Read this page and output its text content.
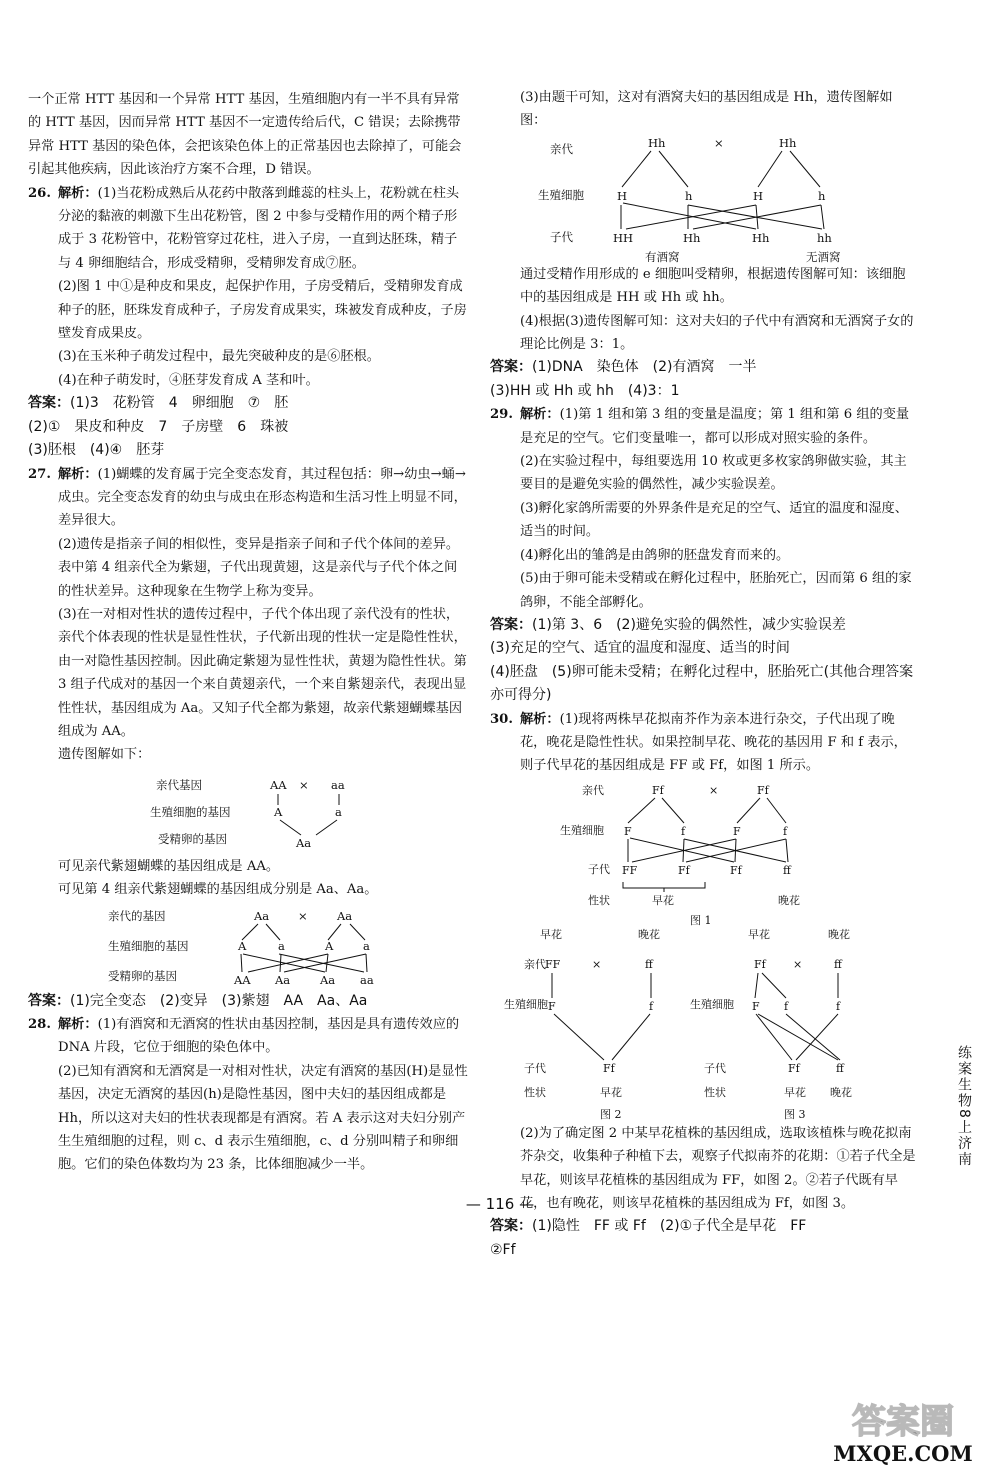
一个正常 HTT 基因和一个异常 HTT 基因，生殖细胞内有一半不具有异常的 HTT 基因，因而异常 HTT 基因不一定遗传给后代，C 错误；去除携带异常 HTT 基因的染色体，会把该染色体上的正常基因也去除掉了，可能会引起其他疾病，因此该治疗方案不合理，D 错误。

26. 解析：(1)当花粉成熟后从花药中散落到雌蕊的柱头上，花粉就在柱头分泌的黏液的刺激下生出花粉管，图 2 中参与受精作用的两个精子形成于 3 花粉管中，花粉管穿过花柱，进入子房，一直到达胚珠，精子与 4 卵细胞结合，形成受精卵，受精卵发育成⑦胚。

(2)图 1 中①是种皮和果皮，起保护作用，子房受精后，受精卵发育成种子的胚，胚珠发育成种子，子房发育成果实，珠被发育成种皮，子房壁发育成果皮。

(3)在玉米种子萌发过程中，最先突破种皮的是⑥胚根。

(4)在种子萌发时，④胚芽发育成 A 茎和叶。

答案：(1)3　花粉管　4　卵细胞　⑦　胚

(2)①　果皮和种皮　7　子房壁　6　珠被

(3)胚根　(4)④　胚芽

27. 解析：(1)蝴蝶的发育属于完全变态发育，其过程包括：卵→幼虫→蛹→成虫。完全变态发育的幼虫与成虫在形态构造和生活习性上明显不同，差异很大。

(2)遗传是指亲子间的相似性，变异是指亲子间和子代个体间的差异。表中第 4 组亲代全为紫翅，子代出现黄翅，这是亲代与子代个体之间的性状差异。这种现象在生物学上称为变异。

(3)在一对相对性状的遗传过程中，子代个体出现了亲代没有的性状，亲代个体表现的性状是显性性状，子代新出现的性状一定是隐性性状，由一对隐性基因控制。因此确定紫翅为显性性状，黄翅为隐性性状。第 3 组子代成对的基因一个来自黄翅亲代，一个来自紫翅亲代，表现出显性性状，基因组成为 Aa。又知子代全都为紫翅，故亲代紫翅蝴蝶基因组成为 AA。

遗传图解如下：

亲代基因
生殖细胞的基因
受精卵的基因
AA × aa
A	a
Aa

可见亲代紫翅蝴蝶的基因组成是 AA。

可见第 4 组亲代紫翅蝴蝶的基因组成分别是 Aa、Aa。

亲代的基因
生殖细胞的基因
受精卵的基因
Aa	×	Aa
A	a	A	a
AA Aa	Aa aa

答案：(1)完全变态　(2)变异　(3)紫翅　AA　Aa、Aa

28. 解析：(1)有酒窝和无酒窝的性状由基因控制，基因是具有遗传效应的 DNA 片段，它位于细胞的染色体中。

(2)已知有酒窝和无酒窝是一对相对性状，决定有酒窝的基因(H)是显性基因，决定无酒窝的基因(h)是隐性基因，图中夫妇的基因组成都是 Hh，所以这对夫妇的性状表现都是有酒窝。若 A 表示这对夫妇分别产生生殖细胞的过程，则 c、d 表示生殖细胞，c、d 分别叫精子和卵细胞。它们的染色体数均为 23 条，比体细胞减少一半。

(3)由题干可知，这对有酒窝夫妇的基因组成是 Hh，遗传图解如图：

亲代
生殖细胞
子代
Hh	×	Hh
H	h	H	h
HH	Hh	Hh	hh
有酒窝	无酒窝

通过受精作用形成的 e 细胞叫受精卵，根据遗传图解可知：该细胞中的基因组成是 HH 或 Hh 或 hh。

(4)根据(3)遗传图解可知：这对夫妇的子代中有酒窝和无酒窝子女的理论比例是 3：1。

答案：(1)DNA　染色体　(2)有酒窝　一半

(3)HH 或 Hh 或 hh　(4)3：1

29. 解析：(1)第 1 组和第 3 组的变量是温度；第 1 组和第 6 组的变量是充足的空气。它们变量唯一，都可以形成对照实验的条件。

(2)在实验过程中，每组要选用 10 枚或更多枚家鸽卵做实验，其主要目的是避免实验的偶然性，减少实验误差。

(3)孵化家鸽所需要的外界条件是充足的空气、适宜的温度和湿度、适当的时间。

(4)孵化出的雏鸽是由鸽卵的胚盘发育而来的。

(5)由于卵可能未受精或在孵化过程中，胚胎死亡，因而第 6 组的家鸽卵，不能全部孵化。

答案：(1)第 3、6　(2)避免实验的偶然性，减少实验误差

(3)充足的空气、适宜的温度和湿度、适当的时间

(4)胚盘　(5)卵可能未受精；在孵化过程中，胚胎死亡(其他合理答案亦可得分)

30. 解析：(1)现将两株早花拟南芥作为亲本进行杂交，子代出现了晚花，晚花是隐性性状。如果控制早花、晚花的基因用 F 和 f 表示，则子代早花的基因组成是 FF 或 Ff，如图 1 所示。

亲代
生殖细胞
子代
性状
Ff	×	Ff
F	f	F	f
FF	Ff	Ff	ff
早花	晚花
图 1
早花	晚花
亲代
生殖细胞
子代
性状
FF	×	ff
F	f
Ff
早花
图 2
早花	晚花
生殖细胞
子代
性状
Ff ×	ff
F f	f
Ff	ff
早花 晚花
图 3

(2)为了确定图 2 中某早花植株的基因组成，选取该植株与晚花拟南芥杂交，收集种子种植下去，观察子代拟南芥的花期：①若子代全是早花，则该早花植株的基因组成为 FF，如图 2。②若子代既有早花，也有晚花，则该早花植株的基因组成为 Ff，如图 3。

答案：(1)隐性　FF 或 Ff　(2)①子代全是早花　FF

②Ff

— 116 —
练案生物8上济南
答案圈
MXQE.COM
